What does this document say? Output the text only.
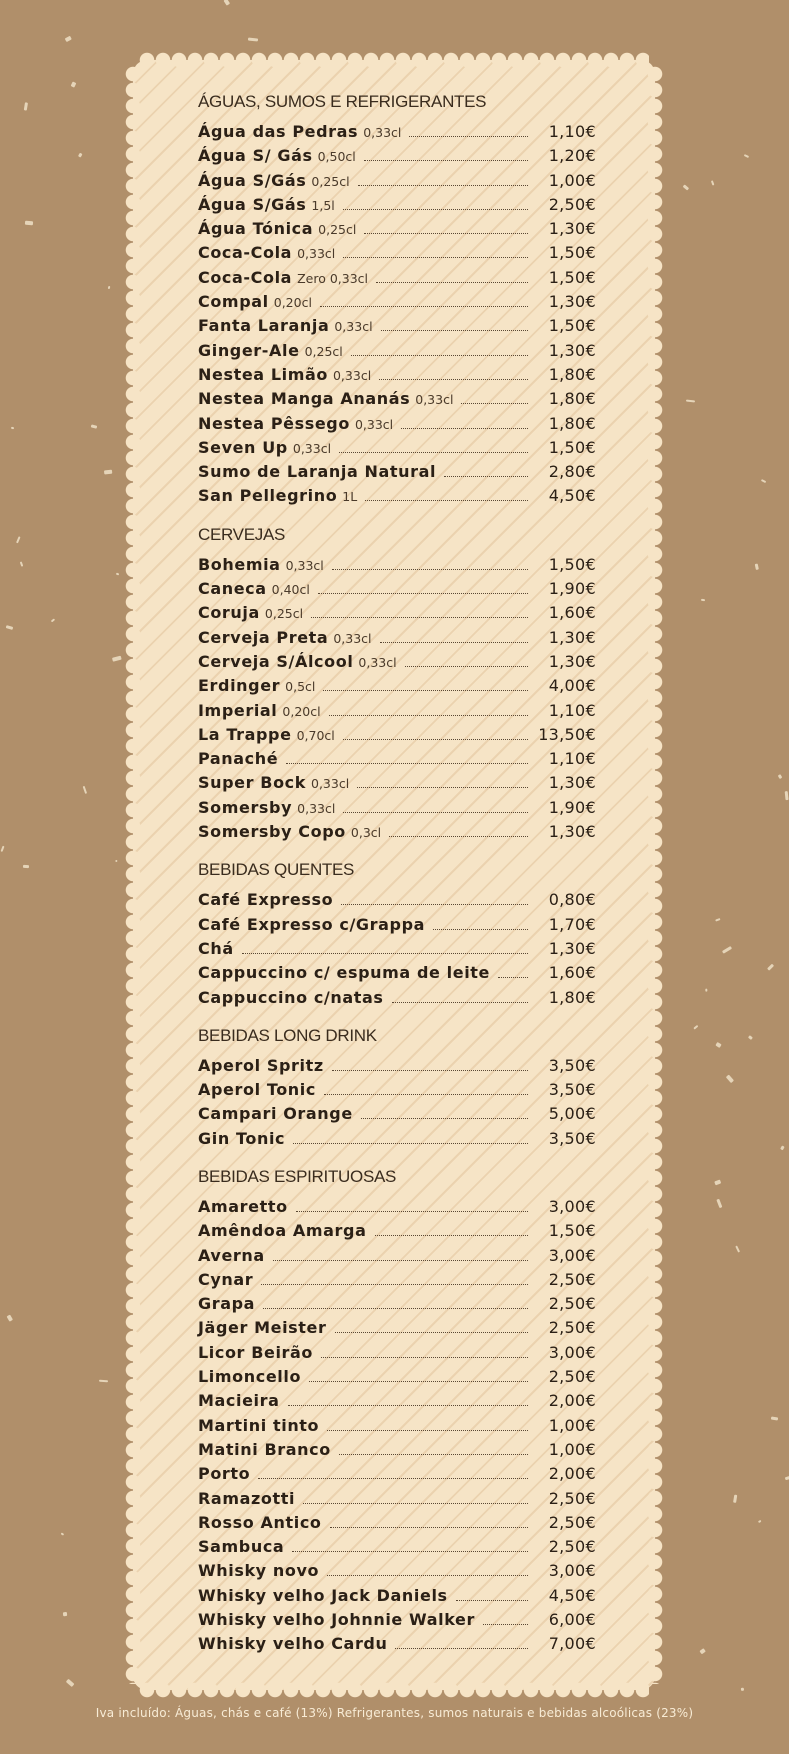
ÁGUAS, SUMOS E REFRIGERANTES
Água das Pedras 0,33cl	1,10€
Água S/ Gás 0,50cl	1,20€
Água S/Gás 0,25cl	1,00€
Água S/Gás 1,5l	2,50€
Água Tónica 0,25cl	1,30€
Coca-Cola 0,33cl	1,50€
Coca-Cola Zero 0,33cl	1,50€
Compal 0,20cl	1,30€
Fanta Laranja 0,33cl	1,50€
Ginger-Ale 0,25cl	1,30€
Nestea Limão 0,33cl	1,80€
Nestea Manga Ananás 0,33cl	1,80€
Nestea Pêssego 0,33cl	1,80€
Seven Up 0,33cl	1,50€
Sumo de Laranja Natural	2,80€
San Pellegrino 1L	4,50€
CERVEJAS
Bohemia 0,33cl	1,50€
Caneca 0,40cl	1,90€
Coruja 0,25cl	1,60€
Cerveja Preta 0,33cl	1,30€
Cerveja S/Álcool 0,33cl	1,30€
Erdinger 0,5cl	4,00€
Imperial 0,20cl	1,10€
La Trappe 0,70cl	13,50€
Panaché	1,10€
Super Bock 0,33cl	1,30€
Somersby 0,33cl	1,90€
Somersby Copo 0,3cl	1,30€
BEBIDAS QUENTES
Café Expresso	0,80€
Café Expresso c/Grappa	1,70€
Chá	1,30€
Cappuccino c/ espuma de leite	1,60€
Cappuccino c/natas	1,80€
BEBIDAS LONG DRINK
Aperol Spritz	3,50€
Aperol Tonic	3,50€
Campari Orange	5,00€
Gin Tonic	3,50€
BEBIDAS ESPIRITUOSAS
Amaretto	3,00€
Amêndoa Amarga	1,50€
Averna	3,00€
Cynar	2,50€
Grapa	2,50€
Jäger Meister	2,50€
Licor Beirão	3,00€
Limoncello	2,50€
Macieira	2,00€
Martini tinto	1,00€
Matini Branco	1,00€
Porto	2,00€
Ramazotti	2,50€
Rosso Antico	2,50€
Sambuca	2,50€
Whisky novo	3,00€
Whisky velho Jack Daniels	4,50€
Whisky velho Johnnie Walker	6,00€
Whisky velho Cardu	7,00€
Iva incluído: Águas, chás e café (13%) Refrigerantes, sumos naturais e bebidas alcoólicas (23%)
